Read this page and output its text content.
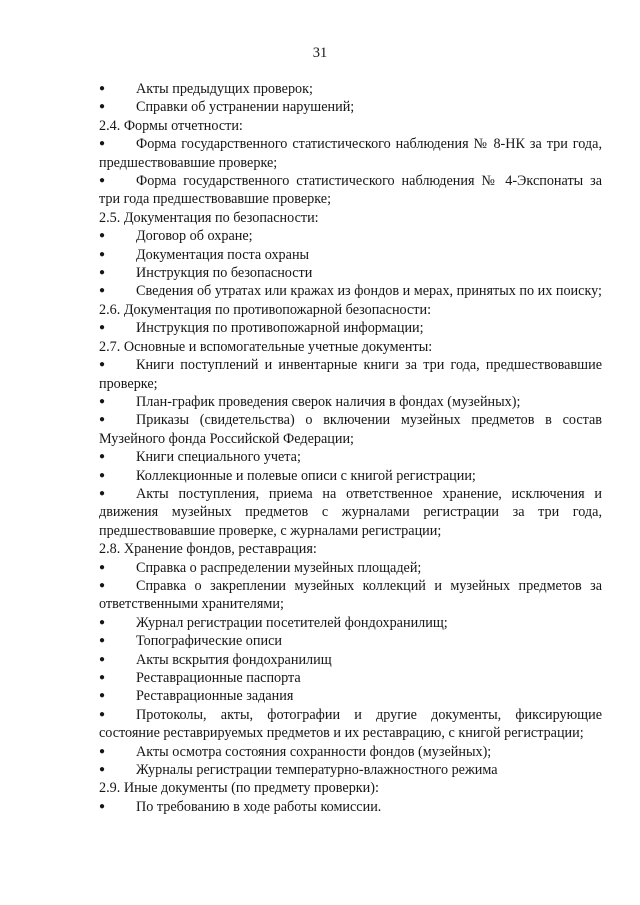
31
●	Акты предыдущих проверок;
●	Справки об устранении нарушений;
2.4. Формы отчетности:
●	Форма государственного статистического наблюдения № 8-НК за три года, предшествовавшие проверке;
●	Форма государственного статистического наблюдения № 4-Экспонаты за три года предшествовавшие проверке;
2.5. Документация по безопасности:
●	Договор об охране;
●	Документация поста охраны
●	Инструкция по безопасности
●	Сведения об утратах или кражах из фондов и мерах, принятых по их поиску;
2.6. Документация по противопожарной безопасности:
●	Инструкция по противопожарной информации;
2.7. Основные и вспомогательные учетные документы:
●	Книги поступлений и инвентарные книги за три года, предшествовавшие проверке;
●	План-график проведения сверок наличия в фондах (музейных);
●	Приказы (свидетельства) о включении музейных предметов в состав Музейного фонда Российской Федерации;
●	Книги специального учета;
●	Коллекционные и полевые описи с книгой регистрации;
●	Акты поступления, приема на ответственное хранение, исключения и движения музейных предметов с журналами регистрации за три года, предшествовавшие проверке, с журналами регистрации;
2.8. Хранение фондов, реставрация:
●	Справка о распределении музейных площадей;
●	Справка о закреплении музейных коллекций и музейных предметов за ответственными хранителями;
●	Журнал регистрации посетителей фондохранилищ;
●	Топографические описи
●	Акты вскрытия фондохранилищ
●	Реставрационные паспорта
●	Реставрационные задания
●	Протоколы, акты, фотографии и другие документы, фиксирующие состояние реставрируемых предметов и их реставрацию, с книгой регистрации;
●	Акты осмотра состояния сохранности фондов (музейных);
●	Журналы регистрации температурно-влажностного режима
2.9. Иные документы (по предмету проверки):
●	По требованию в ходе работы комиссии.
